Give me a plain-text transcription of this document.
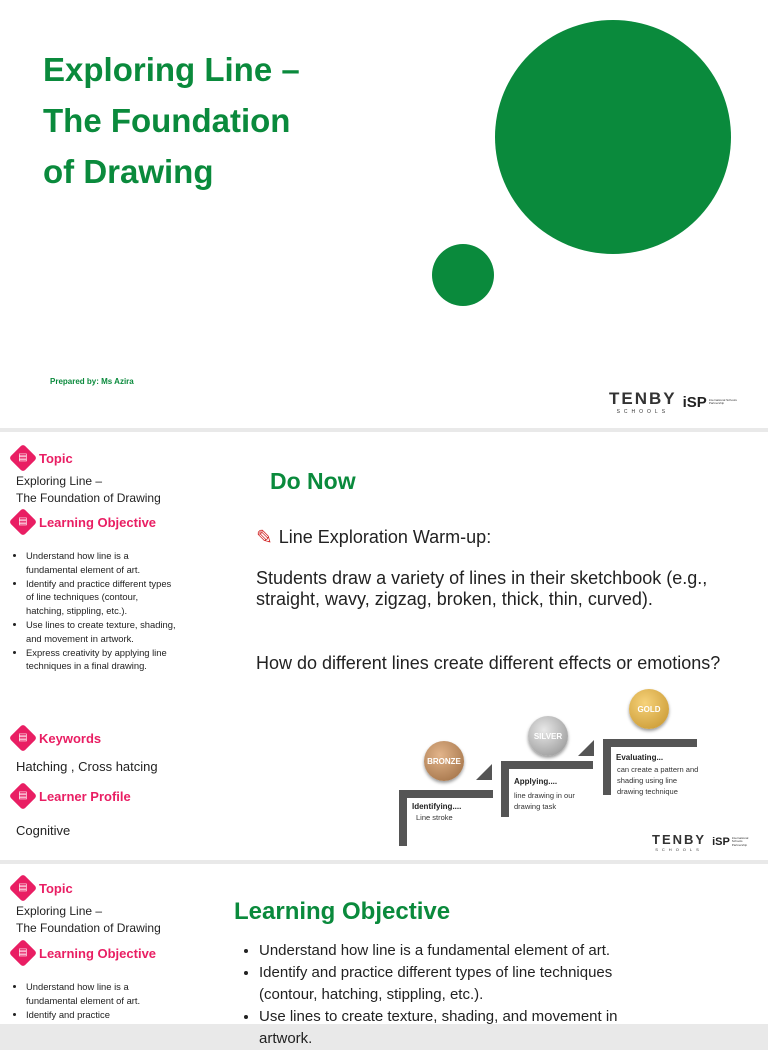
Exploring Line –
The Foundation
of Drawing
Prepared by: Ms Azira
TENBY
SCHOOLS
iSP International Schools Partnership
▤ Topic
Exploring Line –
The Foundation of Drawing
▤ Learning Objective
• Understand how line is a fundamental element of art.
• Identify and practice different types of line techniques (contour, hatching, stippling, etc.).
• Use lines to create texture, shading, and movement in artwork.
• Express creativity by applying line techniques in a final drawing.
▤ Keywords
Hatching , Cross hatcing
▤ Learner Profile
Cognitive
Do Now
✎ Line Exploration Warm-up:
Students draw a variety of lines in their sketchbook (e.g., straight, wavy, zigzag, broken, thick, thin, curved).
How do different lines create different effects or emotions?
BRONZE
SILVER
GOLD
Identifying....
Line stroke
Applying....
line drawing in our drawing task
Evaluating...
can create a pattern and shading using line drawing technique
TENBY
SCHOOLS
iSP International Schools Partnership
▤ Topic
Exploring Line –
The Foundation of Drawing
▤ Learning Objective
• Understand how line is a fundamental element of art.
• Identify and practice
Learning Objective
• Understand how line is a fundamental element of art.
• Identify and practice different types of line techniques (contour, hatching, stippling, etc.).
• Use lines to create texture, shading, and movement in artwork.
